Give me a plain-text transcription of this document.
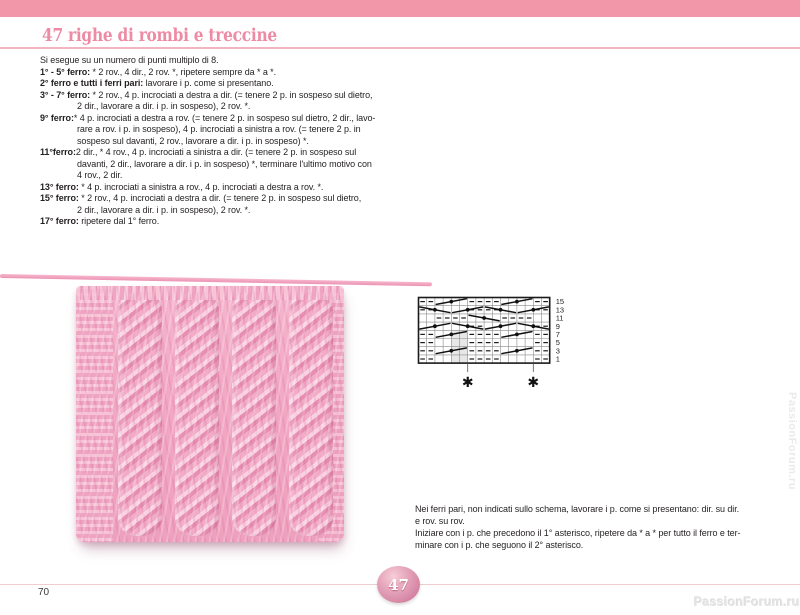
47 righe di rombi e treccine
Si esegue su un numero di punti multiplo di 8.
1° - 5° ferro: * 2 rov., 4 dir., 2 rov. *, ripetere sempre da * a *.
2° ferro e tutti i ferri pari: lavorare i p. come si presentano.
3° - 7° ferro: * 2 rov., 4 p. incrociati a destra a dir. (= tenere 2 p. in sospeso sul dietro,
2 dir., lavorare a dir. i p. in sospeso), 2 rov. *.
9° ferro:* 4 p. incrociati a destra a rov. (= tenere 2 p. in sospeso sul dietro, 2 dir., lavo-
rare a rov. i p. in sospeso), 4 p. incrociati a sinistra a rov. (= tenere 2 p. in
sospeso sul davanti, 2 rov., lavorare a dir. i p. in sospeso) *.
11°ferro:2 dir., * 4 rov., 4 p. incrociati a sinistra a dir. (= tenere 2 p. in sospeso sul
davanti, 2 dir., lavorare a dir. i p. in sospeso) *, terminare l'ultimo motivo con
4 rov., 2 dir.
13° ferro: * 4 p. incrociati a sinistra a rov., 4 p. incrociati a destra a rov. *.
15° ferro: * 2 rov., 4 p. incrociati a destra a dir. (= tenere 2 p. in sospeso sul dietro,
2 dir., lavorare a dir. i p. in sospeso), 2 rov. *.
17° ferro: ripetere dal 1° ferro.
15
13
11
9
7
5
3
1
✱	✱
Nei ferri pari, non indicati sullo schema, lavorare i p. come si presentano: dir. su dir.
e rov. su rov.
Iniziare con i p. che precedono il 1° asterisco, ripetere da * a * per tutto il ferro e ter-
minare con i p. che seguono il 2° asterisco.
70	47
PassionForum.ru
PassionForum.ru
